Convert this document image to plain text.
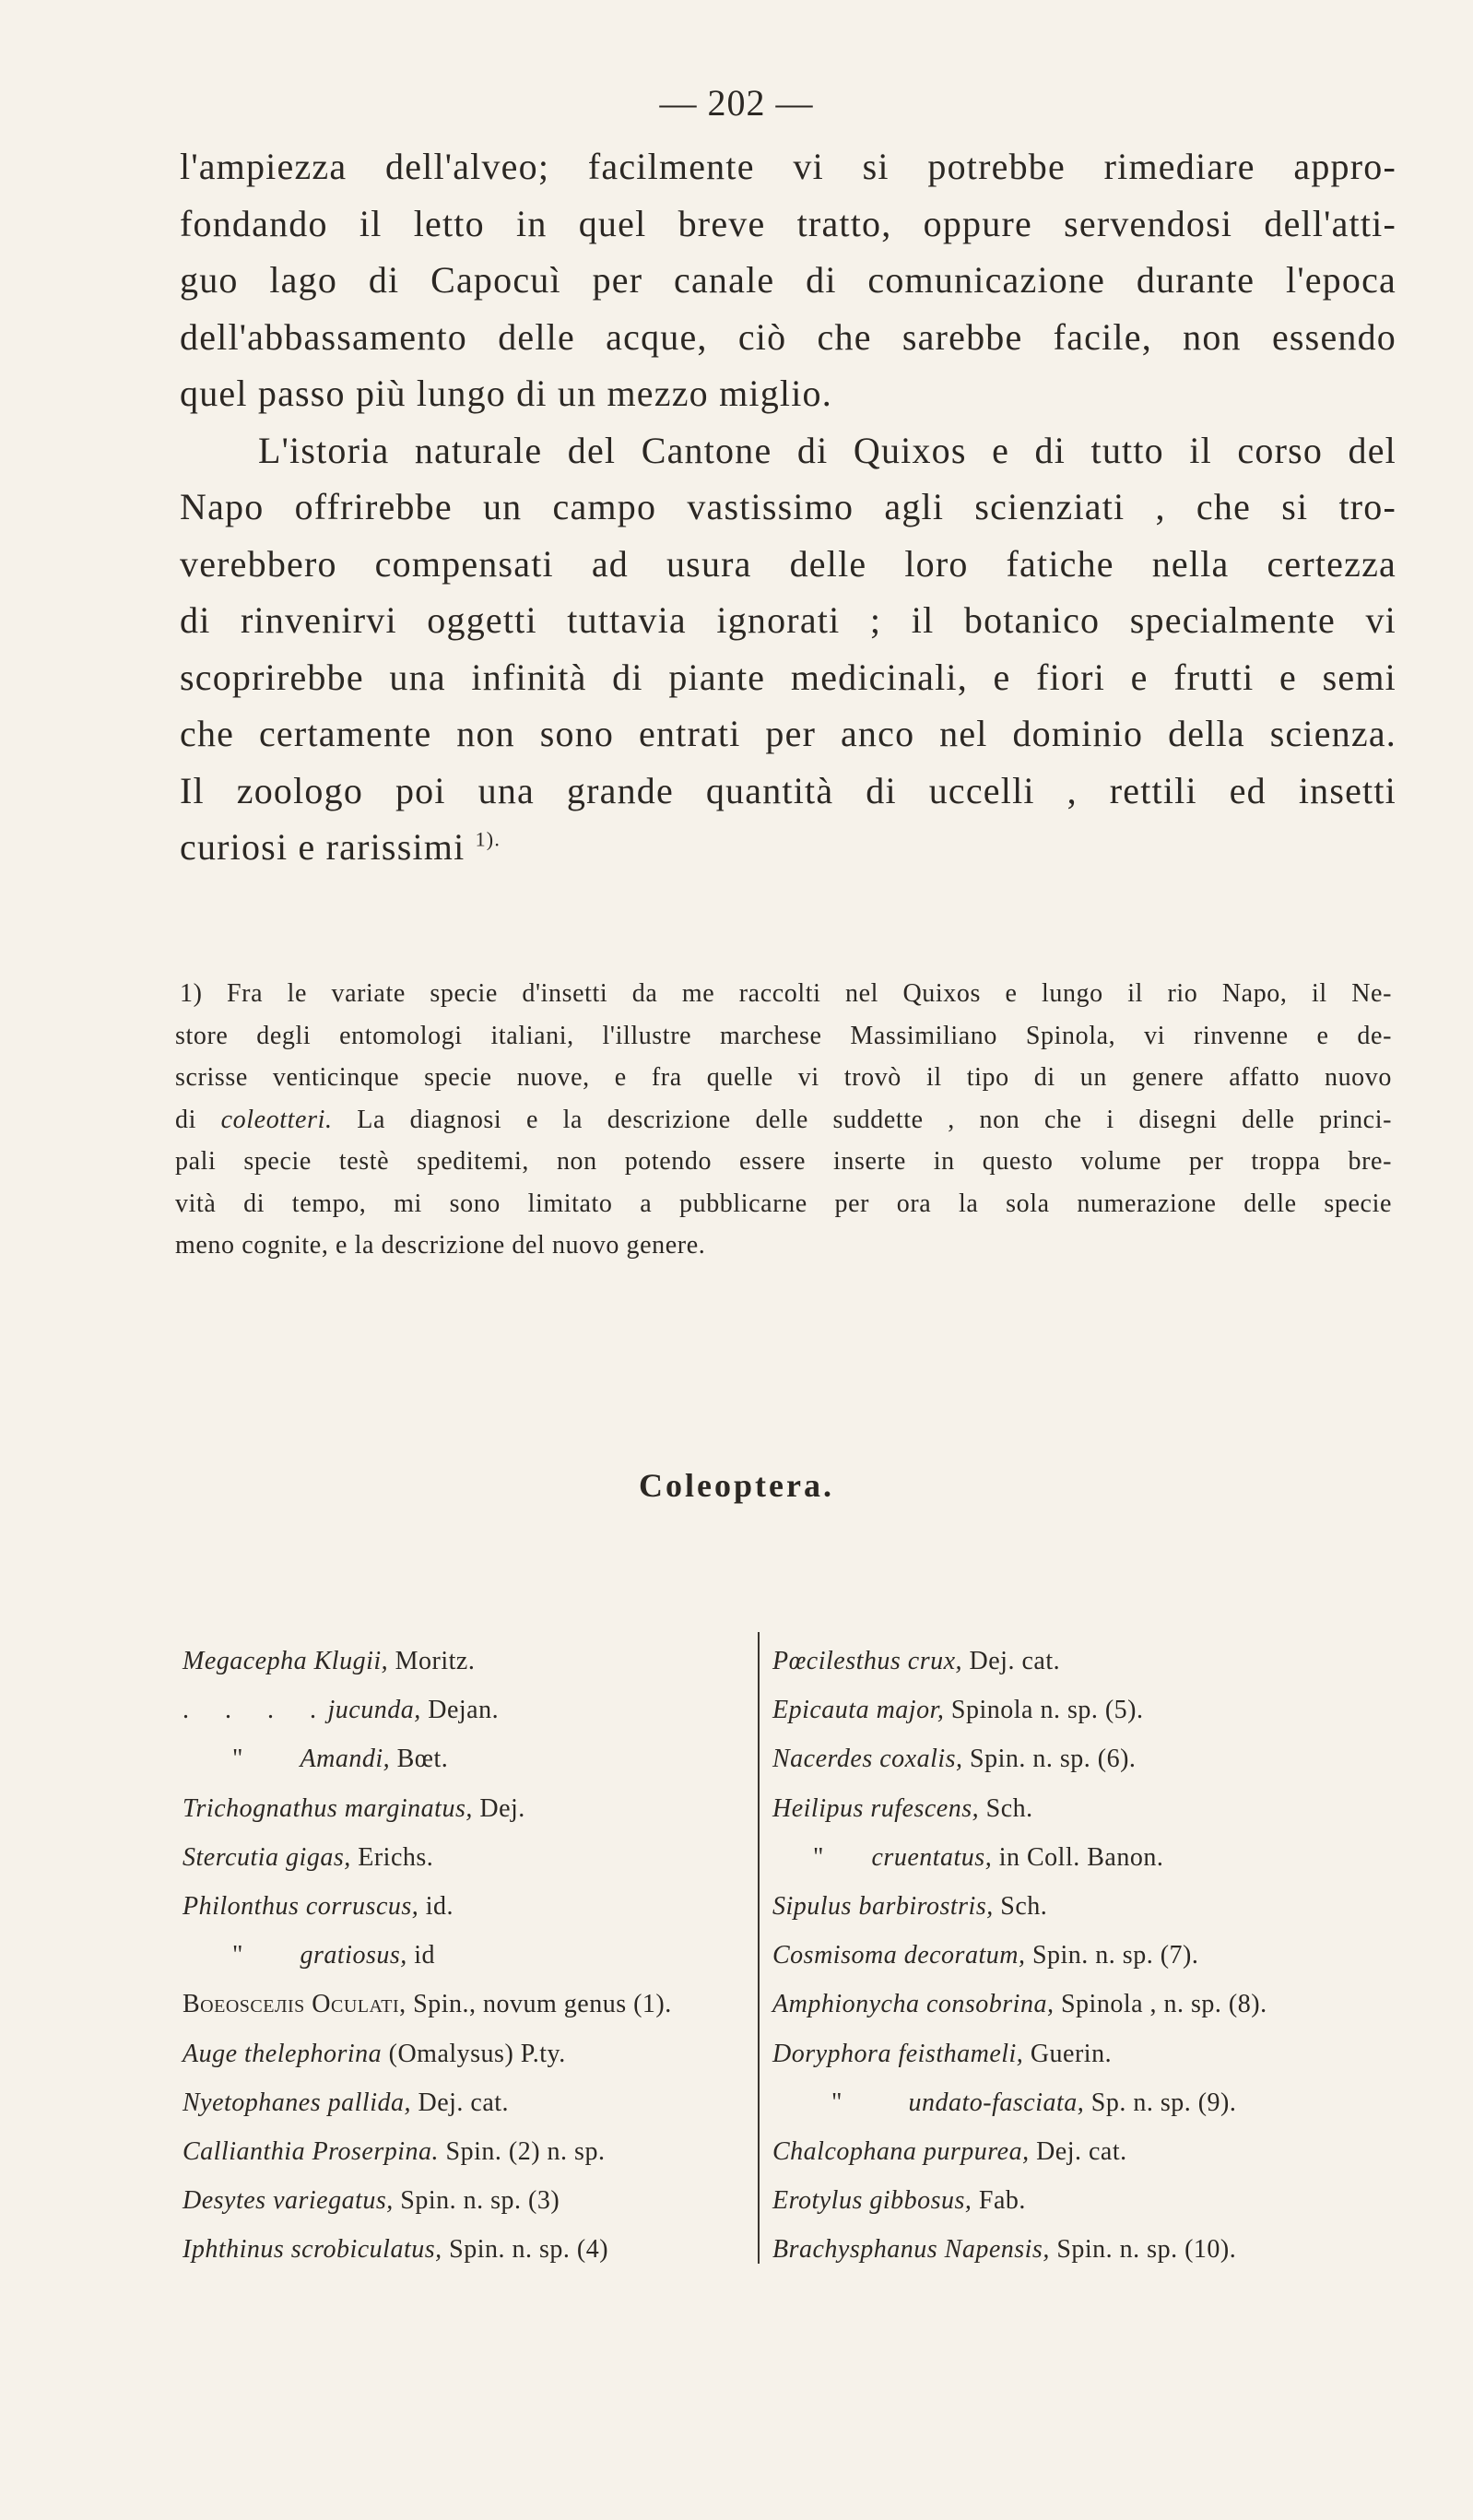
— 202 —
l'ampiezza dell'alveo; facilmente vi si potrebbe rimediare appro-
fondando il letto in quel breve tratto, oppure servendosi dell'atti-
guo lago di Capocuì per canale di comunicazione durante l'epoca
dell'abbassamento delle acque, ciò che sarebbe facile, non essendo
quel passo più lungo di un mezzo miglio.
L'istoria naturale del Cantone di Quixos e di tutto il corso del
Napo offrirebbe un campo vastissimo agli scienziati , che si tro-
verebbero compensati ad usura delle loro fatiche nella certezza
di rinvenirvi oggetti tuttavia ignorati ; il botanico specialmente vi
scoprirebbe una infinità di piante medicinali, e fiori e frutti e semi
che certamente non sono entrati per anco nel dominio della scienza.
Il zoologo poi una grande quantità di uccelli , rettili ed insetti
curiosi e rarissimi $^{1).}$
1) Fra le variate specie d'insetti da me raccolti nel Quixos e lungo il rio Napo, il Ne-
store degli entomologi italiani, l'illustre marchese Massimiliano Spinola, vi rinvenne e de-
scrisse venticinque specie nuove, e fra quelle vi trovò il tipo di un genere affatto nuovo
di coleotteri. La diagnosi e la descrizione delle suddette , non che i disegni delle princi-
pali specie testè speditemi, non potendo essere inserte in questo volume per troppa bre-
vità di tempo, mi sono limitato a pubblicarne per ora la sola numerazione delle specie
meno cognite, e la descrizione del nuovo genere.
Coleoptera.
Megacepha Klugii, Moritz.
. . . . jucunda, Dejan.
" Amandi, Bœt.
Trichognathus marginatus, Dej.
Stercutia gigas, Erichs.
Philonthus corruscus, id.
" gratiosus, id
Boeosceлis Oculati, Spin., novum genus (1).
Auge thelephorina (Omalysus) P.ty.
Nyetophanes pallida, Dej. cat.
Callianthia Proserpina. Spin. (2) n. sp.
Desytes variegatus, Spin. n. sp. (3)
Iphthinus scrobiculatus, Spin. n. sp. (4)
Pœcilesthus crux, Dej. cat.
Epicauta major, Spinola n. sp. (5).
Nacerdes coxalis, Spin. n. sp. (6).
Heilipus rufescens, Sch.
" cruentatus, in Coll. Banon.
Sipulus barbirostris, Sch.
Cosmisoma decoratum, Spin. n. sp. (7).
Amphionycha consobrina, Spinola , n. sp. (8).
Doryphora feisthameli, Guerin.
"	undato-fasciata, Sp. n. sp. (9).
Chalcophana purpurea, Dej. cat.
Erotylus gibbosus, Fab.
Brachysphanus Napensis, Spin. n. sp. (10).
